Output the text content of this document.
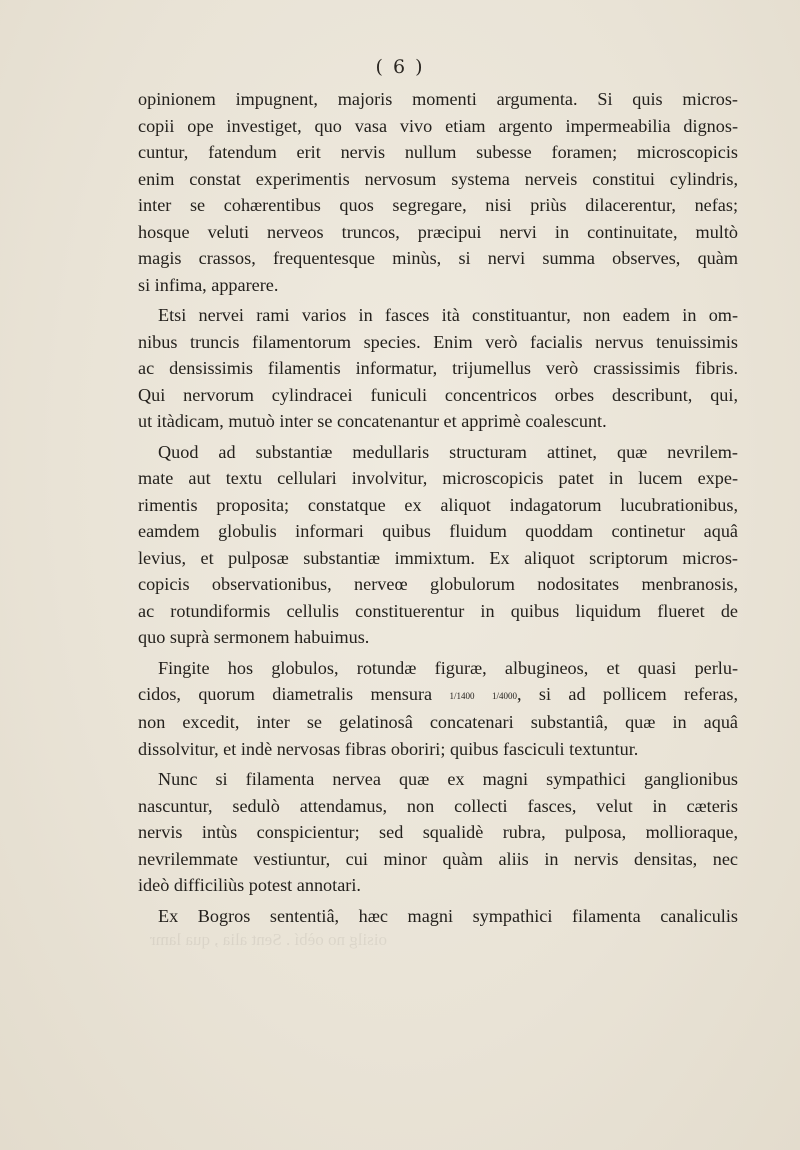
( 6 )
opinionem impugnent, majoris momenti argumenta. Si quis micros-
copii ope investiget, quo vasa vivo etiam argento impermeabilia dignos-
cuntur, fatendum erit nervis nullum subesse foramen; microscopicis
enim constat experimentis nervosum systema nerveis constitui cylindris,
inter se cohærentibus quos segregare, nisi priùs dilacerentur, nefas;
hosque veluti nerveos truncos, præcipui nervi in continuitate, multò
magis crassos, frequentesque minùs, si nervi summa observes, quàm
si infima, apparere.
Etsi nervei rami varios in fasces ità constituantur, non eadem in om-
nibus truncis filamentorum species. Enim verò facialis nervus tenuissimis
ac densissimis filamentis informatur, trijumellus verò crassissimis fibris.
Qui nervorum cylindracei funiculi concentricos orbes describunt, qui,
ut itàdicam, mutuò inter se concatenantur et apprimè coalescunt.
Quod ad substantiæ medullaris structuram attinet, quæ nevrilem-
mate aut textu cellulari involvitur, microscopicis patet in lucem expe-
rimentis proposita; constatque ex aliquot indagatorum lucubrationibus,
eamdem globulis informari quibus fluidum quoddam continetur aquâ
levius, et pulposæ substantiæ immixtum. Ex aliquot scriptorum micros-
copicis observationibus, nerveœ globulorum nodositates menbranosis,
ac rotundiformis cellulis constituerentur in quibus liquidum flueret de
quo suprà sermonem habuimus.
Fingite hos globulos, rotundæ figuræ, albugineos, et quasi perlu-
cidos, quorum diametralis mensura 1/1400 1/4000, si ad pollicem referas,
non excedit, inter se gelatinosâ concatenari substantiâ, quæ in aquâ
dissolvitur, et indè nervosas fibras oboriri; quibus fasciculi textuntur.
Nunc si filamenta nervea quæ ex magni sympathici ganglionibus
nascuntur, sedulò attendamus, non collecti fasces, velut in cæteris
nervis intùs conspicientur; sed squalidè rubra, pulposa, mollioraque,
nevrilemmate vestiuntur, cui minor quàm aliis in nervis densitas, nec
ideò difficiliùs potest annotari.
Ex Bogros sententiâ, hæc magni sympathici filamenta canaliculis
oisilg no oèbí . Sent alia , qua lamr
